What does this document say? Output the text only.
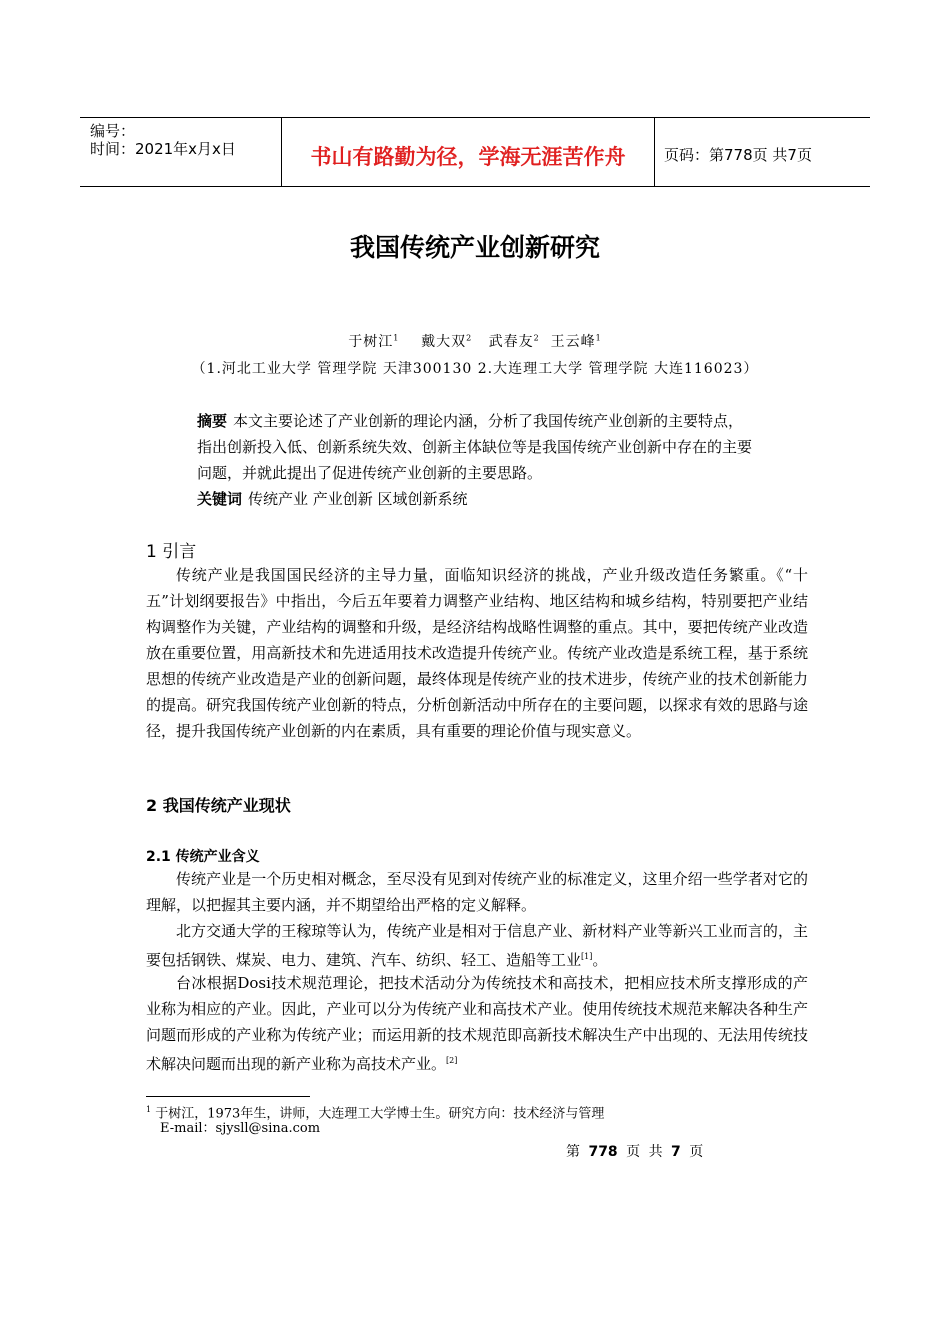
编号：
时间：2021年x月x日	书山有路勤为径，学海无涯苦作舟	页码：第778页 共7页
我国传统产业创新研究
于树江$^1$ 戴大双$^2$ 武春友$^2$ 王云峰$^1$
（1.河北工业大学 管理学院 天津300130 2.大连理工大学 管理学院 大连116023）
摘要 本文主要论述了产业创新的理论内涵，分析了我国传统产业创新的主要特点，指出创新投入低、创新系统失效、创新主体缺位等是我国传统产业创新中存在的主要问题，并就此提出了促进传统产业创新的主要思路。
关键词 传统产业 产业创新 区域创新系统
1 引言
传统产业是我国国民经济的主导力量，面临知识经济的挑战，产业升级改造任务繁重。《“十五”计划纲要报告》中指出，今后五年要着力调整产业结构、地区结构和城乡结构，特别要把产业结构调整作为关键，产业结构的调整和升级，是经济结构战略性调整的重点。其中，要把传统产业改造放在重要位置，用高新技术和先进适用技术改造提升传统产业。传统产业改造是系统工程，基于系统思想的传统产业改造是产业的创新问题，最终体现是传统产业的技术进步，传统产业的技术创新能力的提高。研究我国传统产业创新的特点，分析创新活动中所存在的主要问题，以探求有效的思路与途径，提升我国传统产业创新的内在素质，具有重要的理论价值与现实意义。
2 我国传统产业现状
2.1 传统产业含义
传统产业是一个历史相对概念，至尽没有见到对传统产业的标准定义，这里介绍一些学者对它的理解，以把握其主要内涵，并不期望给出严格的定义解释。
北方交通大学的王稼琼等认为，传统产业是相对于信息产业、新材料产业等新兴工业而言的，主要包括钢铁、煤炭、电力、建筑、汽车、纺织、轻工、造船等工业[1]。
台冰根据Dosi技术规范理论，把技术活动分为传统技术和高技术，把相应技术所支撑形成的产业称为相应的产业。因此，产业可以分为传统产业和高技术产业。使用传统技术规范来解决各种生产问题而形成的产业称为传统产业；而运用新的技术规范即高新技术解决生产中出现的、无法用传统技术解决问题而出现的新产业称为高技术产业。[2]
$^1$ 于树江，1973年生，讲师，大连理工大学博士生。研究方向：技术经济与管理
E-mail：sjysll@sina.com
第 778 页 共 7 页
